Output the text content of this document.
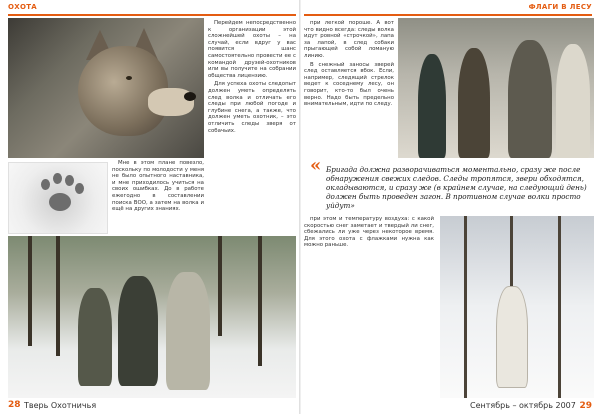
ОХОТА	ФЛАГИ В ЛЕСУ

Перейдем непосредственно к организации этой сложнейшей охоты – на случай, если вдруг у вас появится шанс самостоятельно провести ее с командой друзей-охотников или вы получите на собрании общества лицензию.

Для успеха охоты следопыт должен уметь определять след волка и отличать его следы при любой погоде и глубине снега, а также, что должен уметь охотник, – это отличить следы зверя от собачьих.

Мне в этом плане повезло, поскольку по молодости у меня не было опытного наставника, и мне приходилось учиться на своих ошибках. До в работе ежегодно в составлении поиска ВОО, а затем на волка и ещё на других знаниях.

28 Тверь Охотничья

при легкой пороше. А вот что видно всегда: следы волка идут ровной «строчкой», лапа за лапой, в след собаки прыгающей собой ломаную линию.

В снежный заносы зверей след оставляется вбок. Если, например, следящий стрелок ведет к соседнему лесу, он говорит, кто-то был очень верно. Надо быть предельно внимательным, идти по следу.

« Бригада должна разворачиваться моментально, сразу же после обнаружения свежих следов. Следы тропятся, звери обходятся, окладываются, и сразу же (в крайнем случае, на следующий день) должен быть проведен загон. В противном случае волки просто уйдут»

при этом и температуру воздуха: с какой скоростью снег заметает и твердый ли снег, сбежались ли уже через некоторое время. Для этого охота с флажками нужна как можно раньше.

Сентябрь – октябрь 2007 29
